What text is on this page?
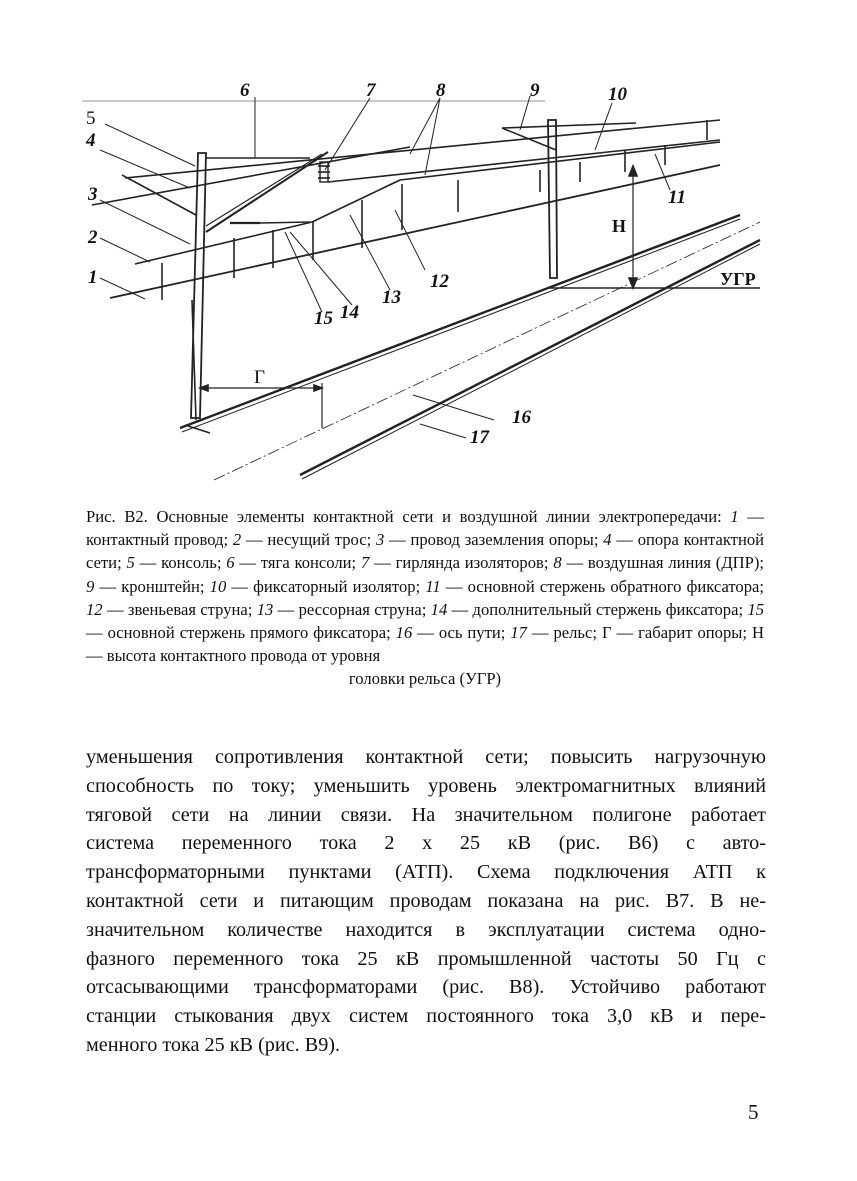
6	7	8	9	10
11
12
13
14
15
16
17
5
4
3
2
1
Г
H
УГР
Рис. В2. Основные элементы контактной сети и воздушной линии электропередачи: 1 — контактный провод; 2 — несущий трос; 3 — провод заземления опоры; 4 — опора контактной сети; 5 — консоль; 6 — тяга консоли; 7 — гирлянда изоляторов; 8 — воздушная линия (ДПР); 9 — кронштейн; 10 — фиксаторный изолятор; 11 — основной стержень обратного фиксатора; 12 — звеньевая струна; 13 — рессорная струна; 14 — дополнительный стержень фиксатора; 15 — основной стержень прямого фиксатора; 16 — ось пути; 17 — рельс; Г — габарит опоры; Н — высота контактного провода от уровня
головки рельса (УГР)
уменьшения сопротивления контактной сети; повысить нагрузочную
способность по току; уменьшить уровень электромагнитных влияний
тяговой сети на линии связи. На значительном полигоне работает
система переменного тока 2 х 25 кВ (рис. В6) с авто-
трансформаторными пунктами (АТП). Схема подключения АТП к
контактной сети и питающим проводам показана на рис. В7. В не-
значительном количестве находится в эксплуатации система одно-
фазного переменного тока 25 кВ промышленной частоты 50 Гц с
отсасывающими трансформаторами (рис. В8). Устойчиво работают
станции стыкования двух систем постоянного тока 3,0 кВ и пере-
менного тока 25 кВ (рис. В9).
5
